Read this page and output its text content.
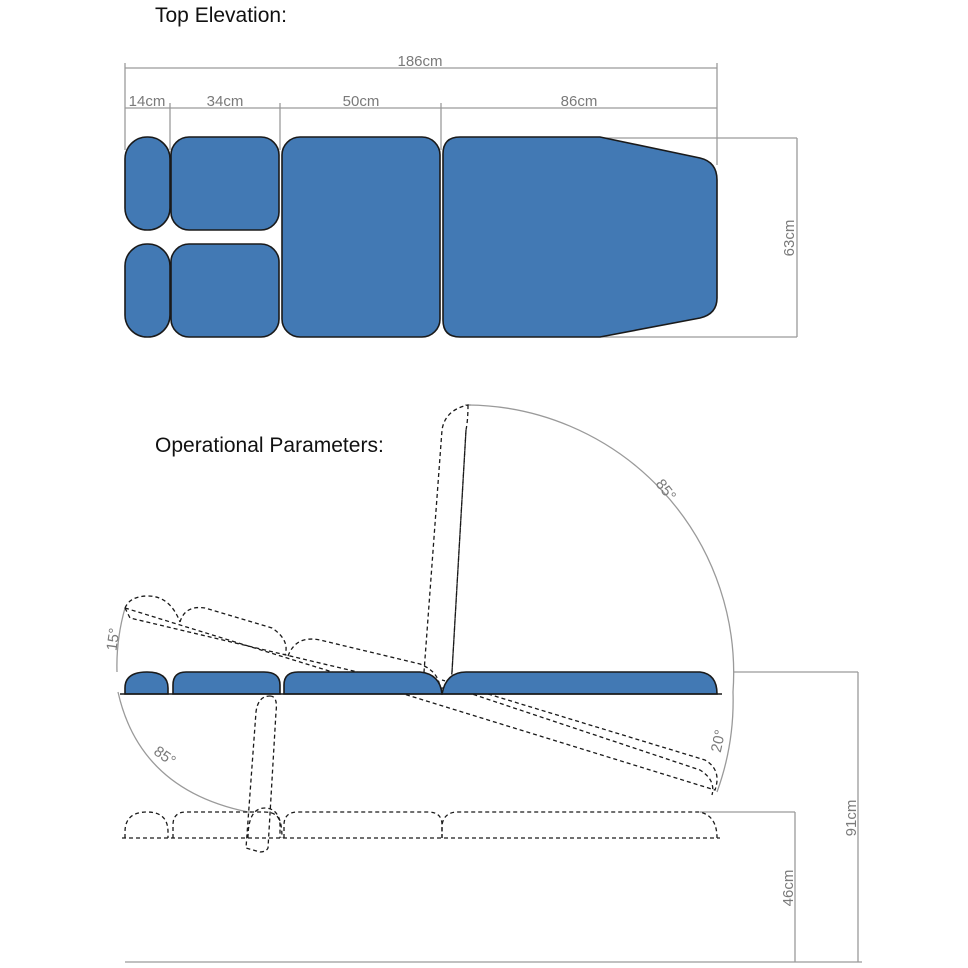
Top Elevation:
186cm
14cm	34cm	50cm	86cm
63cm
Operational Parameters:
85°
20°
15°
85°
91cm
46cm
